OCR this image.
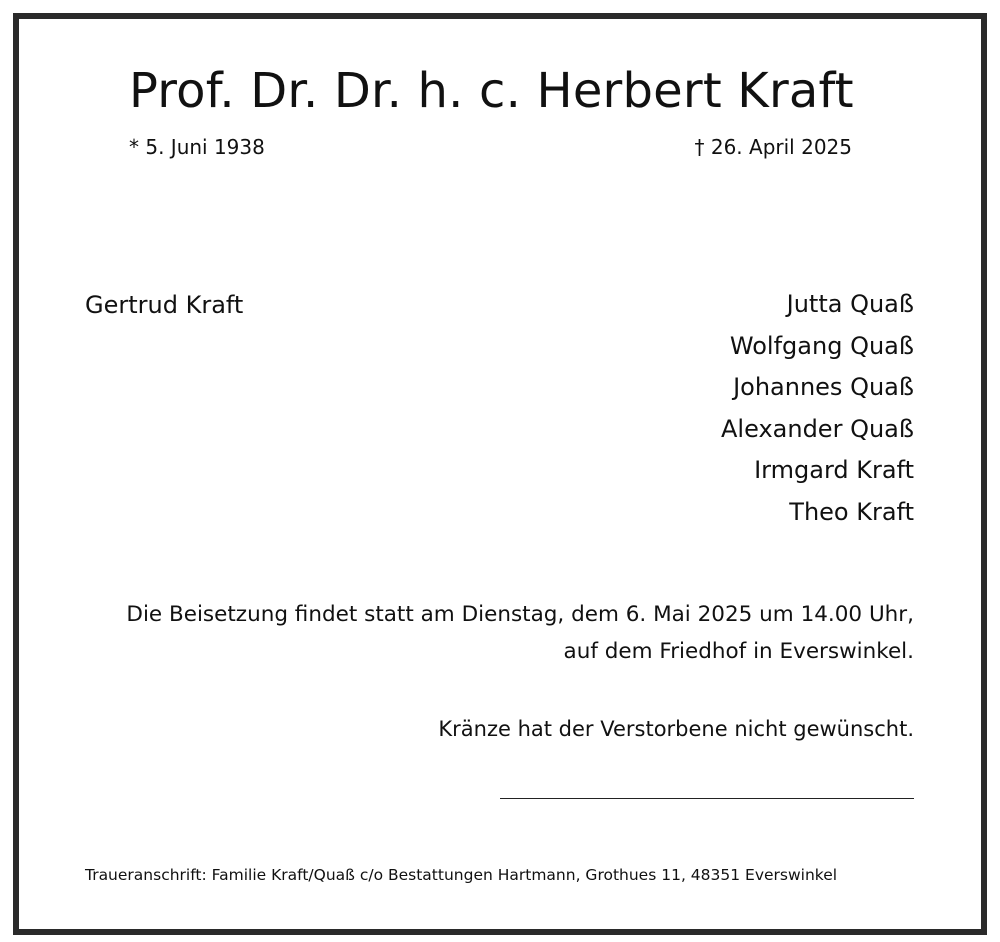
Prof. Dr. Dr. h. c. Herbert Kraft
* 5. Juni 1938	† 26. April 2025
Gertrud Kraft	Jutta Quaß
Wolfgang Quaß
Johannes Quaß
Alexander Quaß
Irmgard Kraft
Theo Kraft
Die Beisetzung findet statt am Dienstag, dem 6. Mai 2025 um 14.00 Uhr,
auf dem Friedhof in Everswinkel.
Kränze hat der Verstorbene nicht gewünscht.
Traueranschrift: Familie Kraft/Quaß c/o Bestattungen Hartmann, Grothues 11, 48351 Everswinkel
